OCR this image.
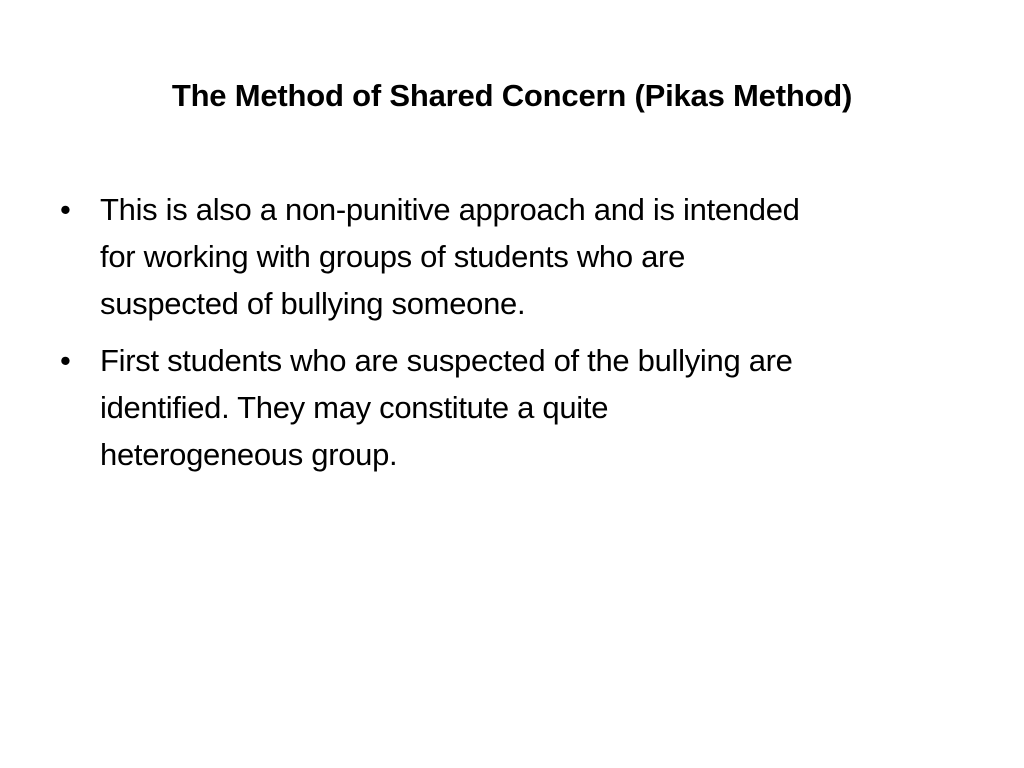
The Method of Shared Concern (Pikas Method)
• This is also a non-punitive approach and is intended
for working with groups of students who are
suspected of bullying someone.
• First students who are suspected of the bullying are
identified. They may constitute a quite
heterogeneous group.
